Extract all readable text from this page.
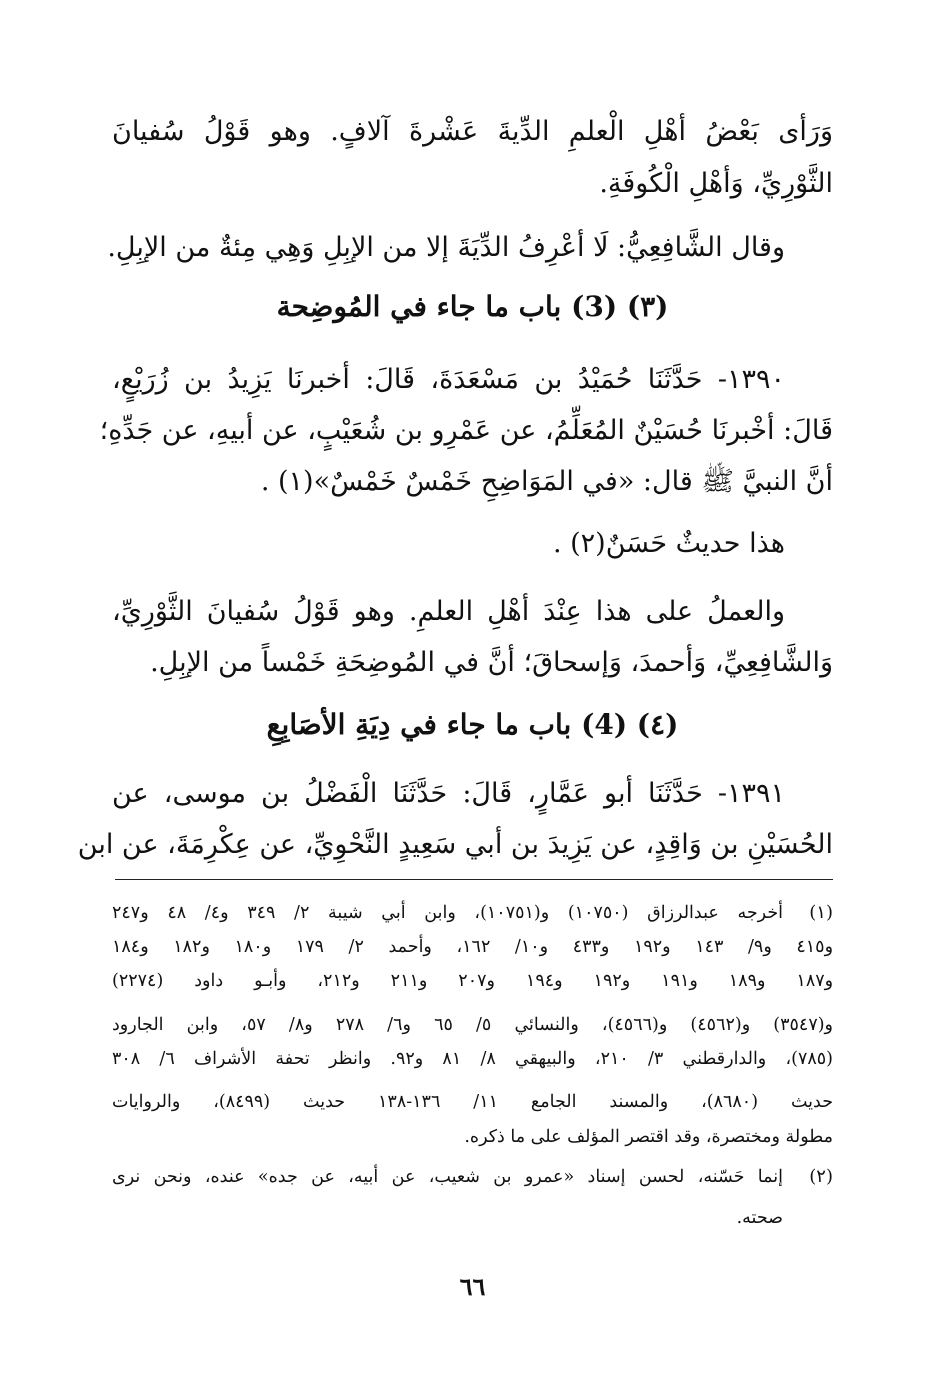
وَرَأى بَعْضُ أهْلِ الْعلمِ الدِّيةَ عَشْرةَ آلافٍ. وهو قَوْلُ سُفيانَ
الثَّوْرِيِّ، وَأهْلِ الْكُوفَةِ.
وقال الشَّافِعِيُّ: لَا أعْرِفُ الدِّيَةَ إلا من الإبِلِ وَهِي مِئةٌ من الإبِلِ.
(٣) (3) باب ما جاء في المُوضِحة
١٣٩٠- حَدَّثَنَا حُمَيْدُ بن مَسْعَدَةَ، قَالَ: أخبرنَا يَزِيدُ بن زُرَيْعٍ،
قَالَ: أخْبرنَا حُسَيْنٌ المُعَلِّمُ، عن عَمْرِو بن شُعَيْبٍ، عن أبيهِ، عن جَدِّهِ؛
أنَّ النبيَّ ﷺ قال: «في المَوَاضِحِ خَمْسٌ خَمْسٌ»(١) .
هذا حديثٌ حَسَنٌ(٢) .
والعملُ على هذا عِنْدَ أهْلِ العلمِ. وهو قَوْلُ سُفيانَ الثَّوْرِيِّ،
وَالشَّافِعِيِّ، وَأحمدَ، وَإسحاقَ؛ أنَّ في المُوضِحَةِ خَمْساً من الإبِلِ.
(٤) (4) باب ما جاء في دِيَةِ الأصَابِعِ
١٣٩١- حَدَّثَنَا أبو عَمَّارٍ، قَالَ: حَدَّثَنَا الْفَضْلُ بن موسى، عن
الحُسَيْنِ بن وَاقِدٍ، عن يَزِيدَ بن أبي سَعِيدٍ النَّحْوِيِّ، عن عِكْرِمَةَ، عن ابن
(١)
أخرجه عبدالرزاق (١٠٧٥٠) و(١٠٧٥١)، وابن أبي شيبة ٢/ ٣٤٩ و٤/ ٤٨ و٢٤٧
و٤١٥ و٩/ ١٤٣ و١٩٢ و٤٣٣ و١٠/ ١٦٢، وأحمد ٢/ ١٧٩ و١٨٠ و١٨٢ و١٨٤
و١٨٧ و١٨٩ و١٩١ و١٩٢ و١٩٤ و٢٠٧ و٢١١ و٢١٢، وأبـو داود (٢٢٧٤)
و(٣٥٤٧) و(٤٥٦٢) و(٤٥٦٦)، والنسائي ٥/ ٦٥ و٦/ ٢٧٨ و٨/ ٥٧، وابن الجارود
(٧٨٥)، والدارقطني ٣/ ٢١٠، والبيهقي ٨/ ٨١ و٩٢. وانظر تحفة الأشراف ٦/ ٣٠٨
حديث (٨٦٨٠)، والمسند الجامع ١١/ ١٣٦-١٣٨ حديث (٨٤٩٩)، والروايات
مطولة ومختصرة، وقد اقتصر المؤلف على ما ذكره.
(٢)
إنما حَسّنه، لحسن إسناد «عمرو بن شعيب، عن أبيه، عن جده» عنده، ونحن نرى
صحته.
٦٦
